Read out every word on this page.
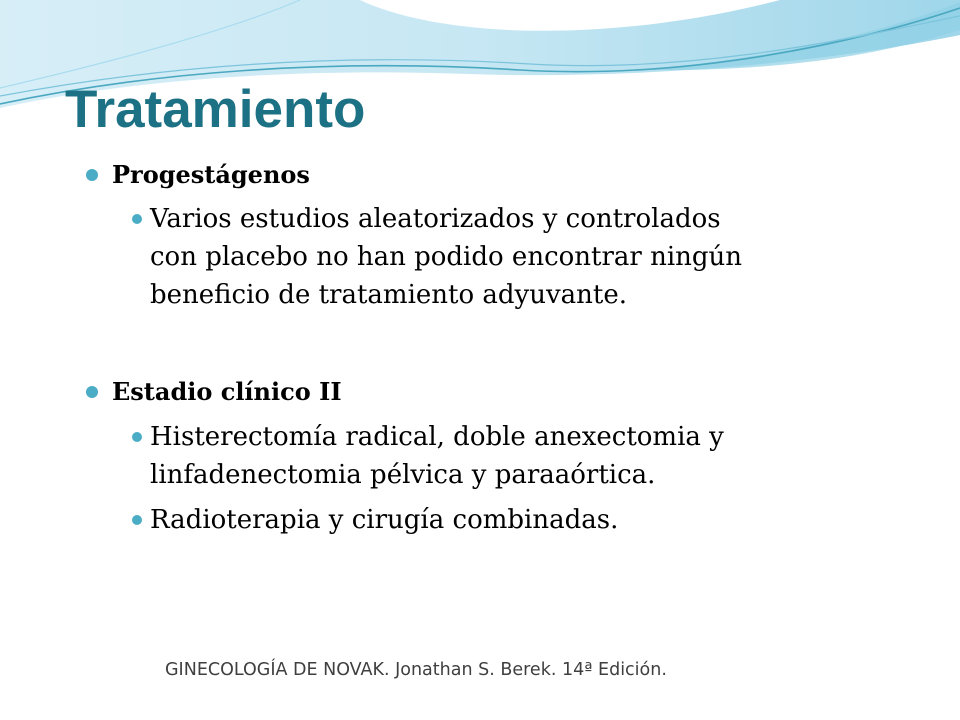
Tratamiento
Progestágenos
Varios estudios aleatorizados y controlados
con placebo no han podido encontrar ningún
beneficio de tratamiento adyuvante.
Estadio clínico II
Histerectomía radical, doble anexectomia y
linfadenectomia pélvica y paraaórtica.
Radioterapia y cirugía combinadas.
GINECOLOGÍA DE NOVAK. Jonathan S. Berek. 14ª Edición.
